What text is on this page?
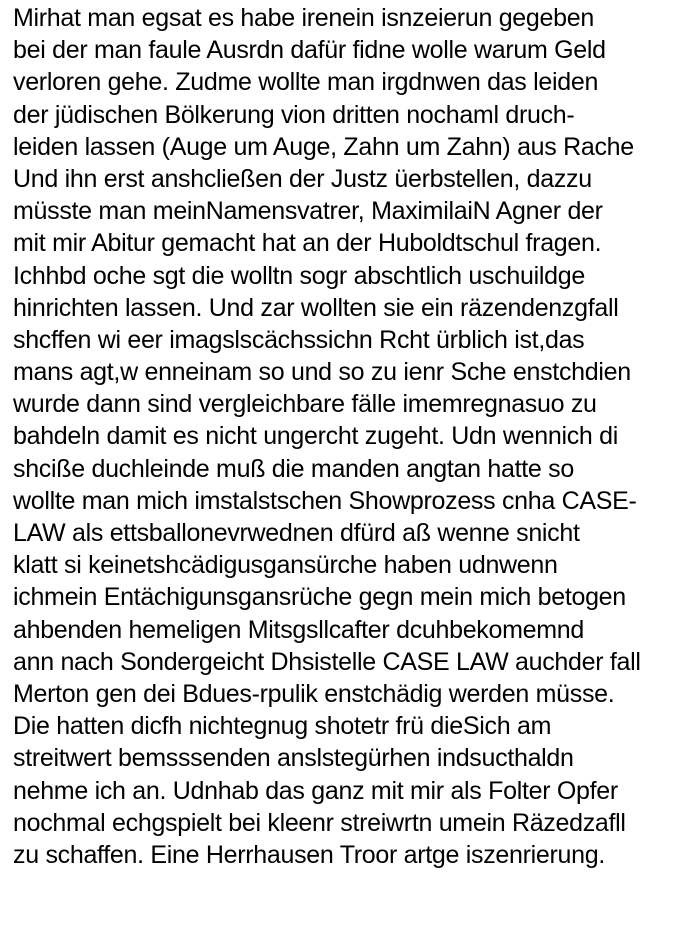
Mirhat man egsat es habe irenein isnzeierun gegeben
bei der man faule Ausrdn dafür fidne wolle warum Geld
verloren gehe. Zudme wollte man irgdnwen das leiden
der jüdischen Bölkerung vion dritten nochaml druch-
leiden lassen (Auge um Auge, Zahn um Zahn) aus Rache
Und ihn erst anshcließen der Justz üerbstellen, dazzu
müsste man meinNamensvatrer, MaximilaiN Agner der
mit mir Abitur gemacht hat an der Huboldtschul fragen.
Ichhbd oche sgt die wolltn sogr abschtlich uschuildge
hinrichten lassen. Und zar wollten sie ein räzendenzgfall
shcffen wi eer imagslscächssichn Rcht ürblich ist,das
mans agt,w enneinam so und so zu ienr Sche enstchdien
wurde dann sind vergleichbare fälle imemregnasuo zu
bahdeln damit es nicht ungercht zugeht. Udn wennich di
shcißе duchleinde muß die manden angtan hatte so
wollte man mich imstalstschen Showprozess cnha CASE-
LAW als ettsballonevrwednen dfürd aß wenne snicht
klatt si keinetshcädigusgansürche haben udnwenn
ichmein Entächigunsgansrüche gegn mein mich betogen
ahbenden hemeligen Mitsgsllcafter dcuhbekomemnd
ann nach Sondergeicht Dhsistelle CASE LAW auchder fall
Merton gen dei Bdues-rpulik enstchädig werden müsse.
Die hatten dicfh nichtegnug shotetr frü dieSich am
streitwert bemsssenden anslstegürhen indsucthaldn
nehme ich an. Udnhab das ganz mit mir als Folter Opfer
nochmal echgspielt bei kleenr streiwrtn umein Räzedzafll
zu schaffen. Eine Herrhausen Troor artge iszenrierung.
